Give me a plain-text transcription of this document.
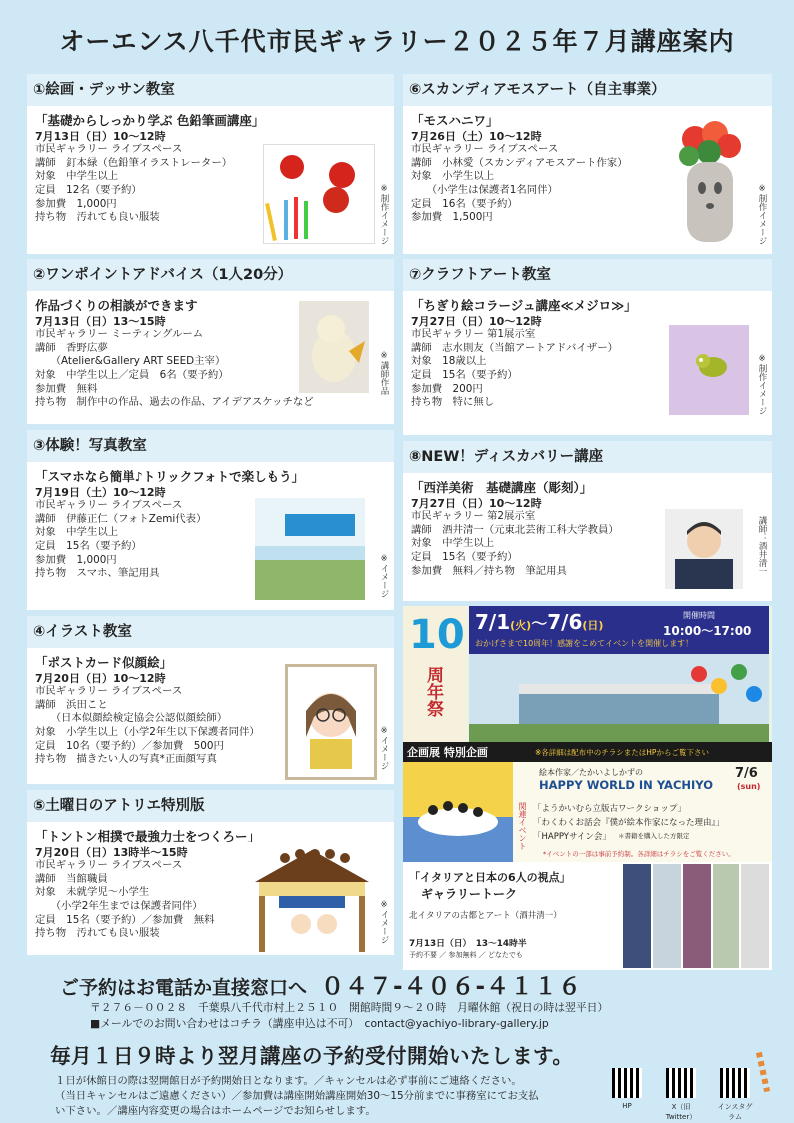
オーエンス八千代市民ギャラリー２０２５年７月講座案内
①絵画・デッサン教室
「基礎からしっかり学ぶ 色鉛筆画講座」
7月13日（日）10～12時
市民ギャラリー ライブスペース
講師　釘本緑（色鉛筆イラストレーター）
対象　中学生以上
定員　12名（要予約）
参加費　1,000円
持ち物　汚れても良い服装	※制作イメージ
②ワンポイントアドバイス（1人20分）
作品づくりの相談ができます
7月13日（日）13～15時
市民ギャラリー ミーティングルーム
講師　香野広夢
　　（Atelier&Gallery ART SEED主宰）
対象　中学生以上／定員　6名（要予約）
参加費　無料
持ち物　制作中の作品、過去の作品、アイデアスケッチなど
※講師作品
③体験！写真教室
「スマホなら簡単♪トリックフォトで楽しもう」
7月19日（土）10～12時
市民ギャラリー ライブスペース
講師　伊藤正仁（フォトZemi代表）
対象　中学生以上
定員　15名（要予約）
参加費　1,000円
持ち物　スマホ、筆記用具	※イメージ
④イラスト教室
「ポストカード似顔絵」
7月20日（日）10～12時
市民ギャラリー ライブスペース
講師　浜田こと
　　（日本似顔絵検定協会公認似顔絵師）
対象　小学生以上（小学2年生以下保護者同伴）
定員　10名（要予約）／参加費　500円
持ち物　描きたい人の写真*正面顔写真	※イメージ
⑤土曜日のアトリエ特別版
「トントン相撲で最強力士をつくろー」
7月20日（日）13時半～15時
市民ギャラリー ライブスペース
講師　当館職員
対象　未就学児～小学生
　　（小学2年生までは保護者同伴）
定員　15名（要予約）／参加費　無料
持ち物　汚れても良い服装	※イメージ
⑥スカンディアモスアート（自主事業）
「モスハニワ」
7月26日（土）10～12時
市民ギャラリー ライブスペース
講師　小林愛（スカンディアモスアート作家）
対象　小学生以上
　　（小学生は保護者1名同伴）
定員　16名（要予約）
参加費　1,500円	※制作イメージ
⑦クラフトアート教室
「ちぎり絵コラージュ講座≪メジロ≫」
7月27日（日）10～12時
市民ギャラリー 第1展示室
講師　志水則友（当館アートアドバイザー）
対象　18歳以上
定員　15名（要予約）
参加費　200円
持ち物　特に無し	※制作イメージ
⑧NEW！ディスカバリー講座
「西洋美術　基礎講座（彫刻）」
7月27日（日）10～12時
市民ギャラリー 第2展示室
講師　酒井清一（元東北芸術工科大学教員）
対象　中学生以上
定員　15名（要予約）
参加費　無料／持ち物　筆記用具	講師：酒井清一
10
周年祭
7/1(火)～7/6(日)
開催時間
10:00～17:00
おかげさまで10周年！感謝をこめてイベントを開催します！
企画展 特別企画	※各詳細は配布中のチラシまたはHPからご覧下さい
絵本作家／たかいよしかずの
HAPPY WORLD IN YACHIYO
7/6
(sun)
関連イベント 「ようかいむら立版古ワークショップ」
「わくわくお話会『僕が絵本作家になった理由』」
「HAPPYサイン会」 ＊書籍を購入した方限定
*イベントの一部は事前予約制。各詳細はチラシをご覧ください。
「イタリアと日本の6人の視点」
ギャラリートーク
北イタリアの古都とアート（酒井清一）
7月13日（日）　13～14時半
予約不要 ／ 参加無料 ／ どなたでも
ご予約はお電話か直接窓口へ ０４７-４０６-４１１６
〒２７６－００２８　千葉県八千代市村上２５１０　開館時間９～２０時　月曜休館（祝日の時は翌平日）
■メールでのお問い合わせはコチラ（講座申込は不可）　contact@yachiyo-library-gallery.jp
毎月１日９時より翌月講座の予約受付開始いたします。
１日が休館日の際は翌開館日が予約開始日となります。／キャンセルは必ず事前にご連絡ください。
（当日キャンセルはご遠慮ください）／参加費は講座開始講座開始30～15分前までに事務室にてお支払
い下さい。／講座内容変更の場合はホームページでお知らせします。	HP	X（旧Twitter）
インスタグラム
